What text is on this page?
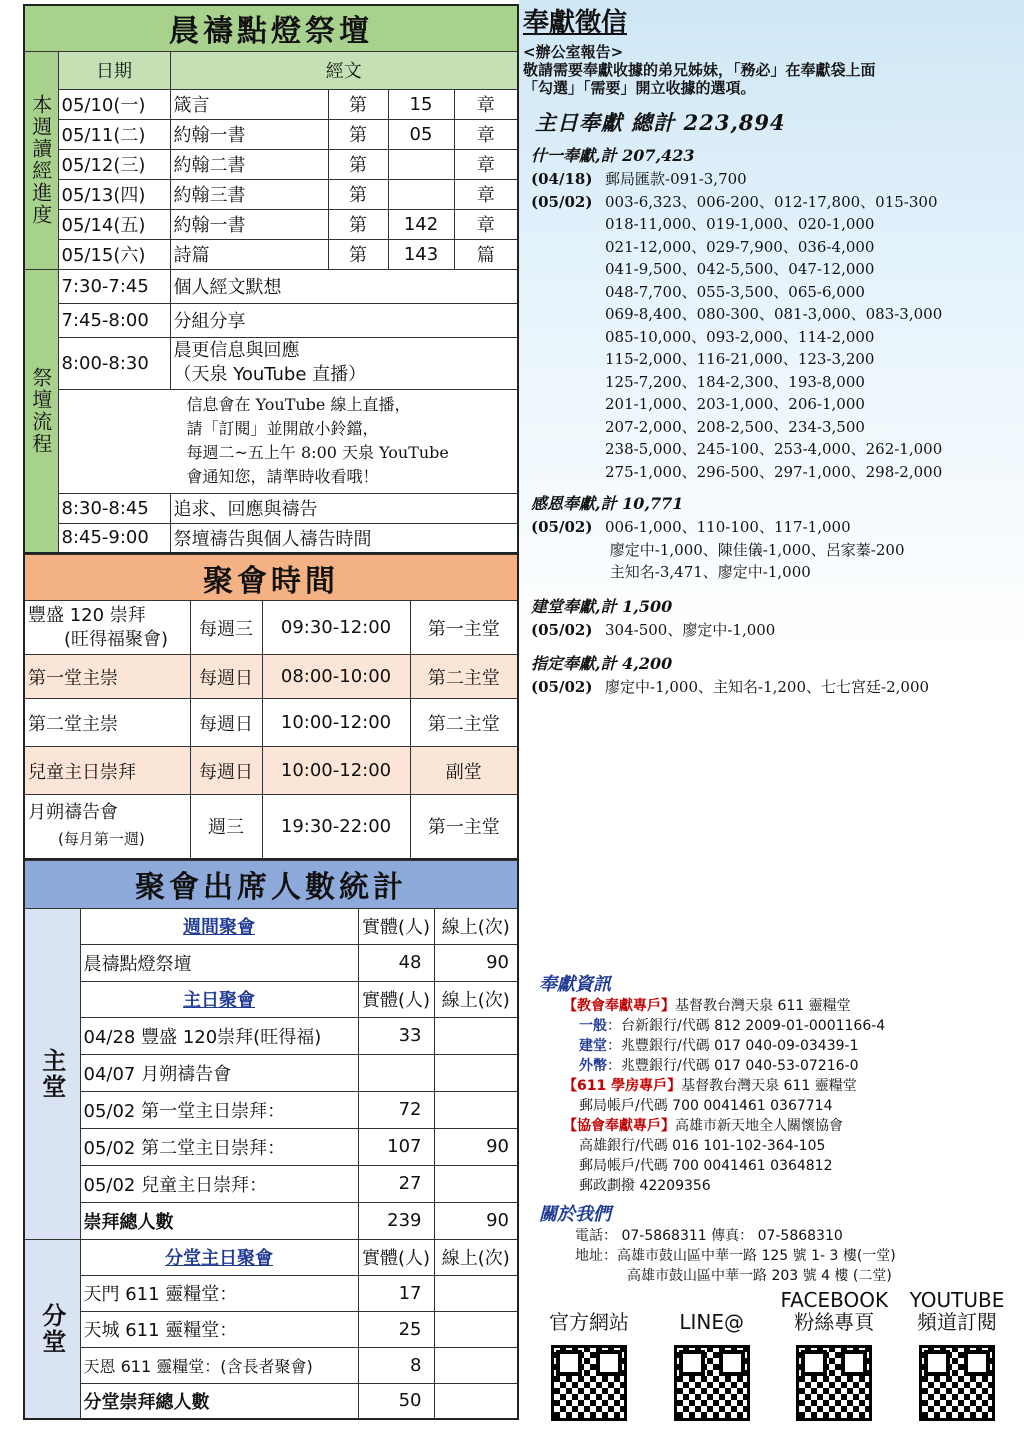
晨禱點燈祭壇					
本週讀經進度	日期	經文			
	05/10(一)	箴言	第	15	章
	05/11(二)	約翰一書	第	05	章
	05/12(三)	約翰二書	第		章
	05/13(四)	約翰三書	第		章
	05/14(五)	約翰一書	第	142	章
	05/15(六)	詩篇	第	143	篇
祭壇流程	7:30-7:45	個人經文默想			
	7:45-8:00	分組分享			
	8:00-8:30	晨更信息與回應
（天泉 YouTube 直播）			

	信息會在 YouTube 線上直播，
請「訂閱」並開啟小鈴鐺，
每週二~五上午 8:00 天泉 YouTube
會通知您，請準時收看哦！				

	8:30-8:45	追求、回應與禱告			
	8:45-9:00	祭壇禱告與個人禱告時間			
聚會時間			

豐盛 120 崇拜
(旺得福聚會)	每週三	09:30-12:00	第一主堂
第一堂主崇	每週日	08:00-10:00	第二主堂
第二堂主崇	每週日	10:00-12:00	第二主堂
兒童主日崇拜	每週日	10:00-12:00	副堂

月朔禱告會
(每月第一週)	週三	19:30-22:00	第一主堂
聚會出席人數統計			
主堂	週間聚會	實體(人)	線上(次)
	晨禱點燈祭壇	48	90
	主日聚會	實體(人)	線上(次)
	04/28 豐盛 120崇拜(旺得福)	33	
	04/07 月朔禱告會		
	05/02 第一堂主日崇拜：	72	
	05/02 第二堂主日崇拜：	107	90
	05/02 兒童主日崇拜：	27	
	崇拜總人數	239	90
分堂	分堂主日聚會	實體(人)	線上(次)
	天門 611 靈糧堂：	17	
	天城 611 靈糧堂：	25	
	天恩 611 靈糧堂：(含長者聚會)	8	
	分堂崇拜總人數	50	
奉獻徵信
<辦公室報告>
敬請需要奉獻收據的弟兄姊妹，「務必」在奉獻袋上面
「勾選」「需要」開立收據的選項。
主日奉獻 總計 223,894
什一奉獻,計 207,423
(04/18) 郵局匯款-091-3,700
(05/02) 003-6,323、006-200、012-17,800、015-300
018-11,000、019-1,000、020-1,000
021-12,000、029-7,900、036-4,000
041-9,500、042-5,500、047-12,000
048-7,700、055-3,500、065-6,000
069-8,400、080-300、081-3,000、083-3,000
085-10,000、093-2,000、114-2,000
115-2,000、116-21,000、123-3,200
125-7,200、184-2,300、193-8,000
201-1,000、203-1,000、206-1,000
207-2,000、208-2,500、234-3,500
238-5,000、245-100、253-4,000、262-1,000
275-1,000、296-500、297-1,000、298-2,000
感恩奉獻,計 10,771
(05/02) 006-1,000、110-100、117-1,000
廖定中-1,000、陳佳儀-1,000、呂家蓁-200
主知名-3,471、廖定中-1,000
建堂奉獻,計 1,500
(05/02) 304-500、廖定中-1,000
指定奉獻,計 4,200
(05/02) 廖定中-1,000、主知名-1,200、七七宮廷-2,000
奉獻資訊
【教會奉獻專戶】基督教台灣天泉 611 靈糧堂
一般：台新銀行/代碼 812 2009-01-0001166-4
建堂：兆豐銀行/代碼 017 040-09-03439-1
外幣：兆豐銀行/代碼 017 040-53-07216-0
【611 學房專戶】基督教台灣天泉 611 靈糧堂
郵局帳戶/代碼 700 0041461 0367714
【協會奉獻專戶】高雄市新天地全人關懷協會
高雄銀行/代碼 016 101-102-364-105
郵局帳戶/代碼 700 0041461 0364812
郵政劃撥 42209356
關於我們
電話： 07-5868311 傳真： 07-5868310
地址：高雄市鼓山區中華一路 125 號 1- 3 樓(一堂)
高雄市鼓山區中華一路 203 號 4 樓 (二堂)
官方網站	LINE@
FACEBOOK
粉絲專頁
YOUTUBE
頻道訂閱
